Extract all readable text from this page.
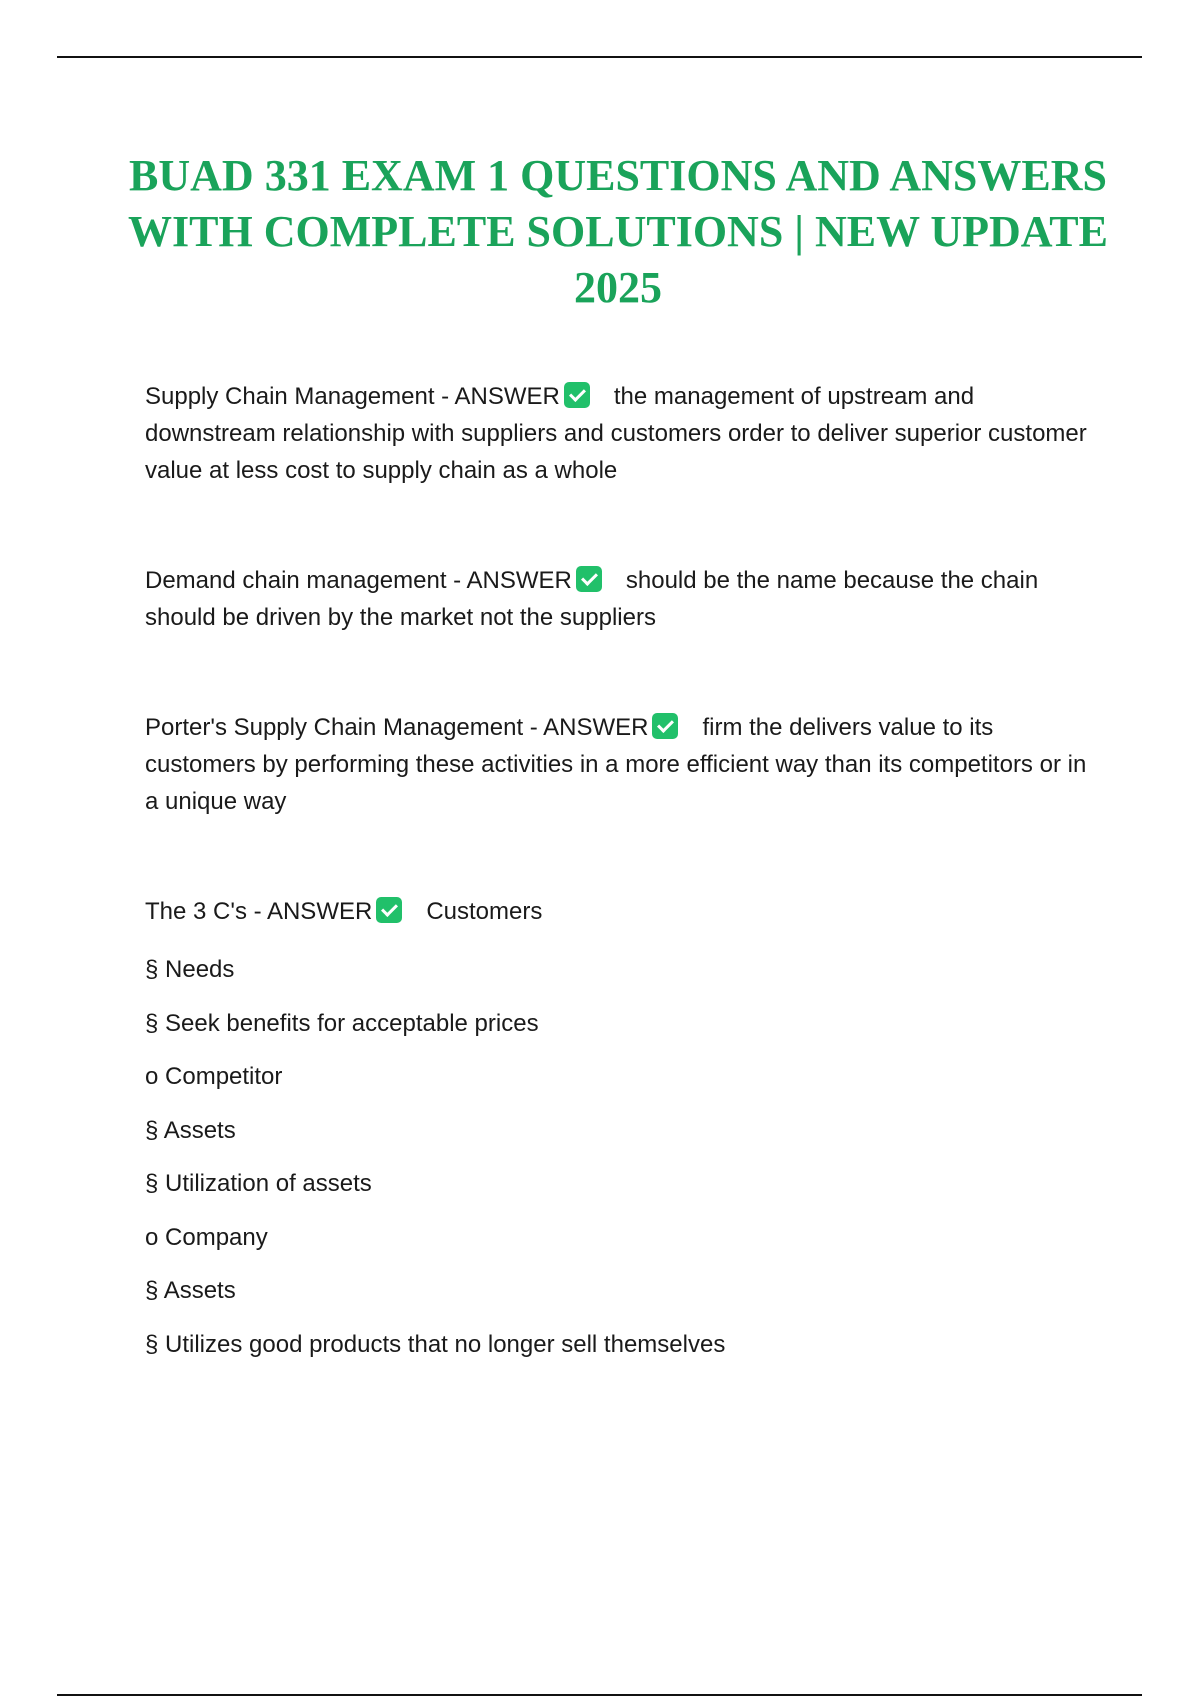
BUAD 331 EXAM 1 QUESTIONS AND ANSWERS WITH COMPLETE SOLUTIONS | NEW UPDATE 2025

Supply Chain Management - ANSWER the management of upstream and downstream relationship with suppliers and customers order to deliver superior customer value at less cost to supply chain as a whole

Demand chain management - ANSWER should be the name because the chain should be driven by the market not the suppliers

Porter's Supply Chain Management - ANSWER firm the delivers value to its customers by performing these activities in a more efficient way than its competitors or in a unique way

The 3 C's - ANSWER Customers
§ Needs
§ Seek benefits for acceptable prices
o Competitor
§ Assets
§ Utilization of assets
o Company
§ Assets
§ Utilizes good products that no longer sell themselves
